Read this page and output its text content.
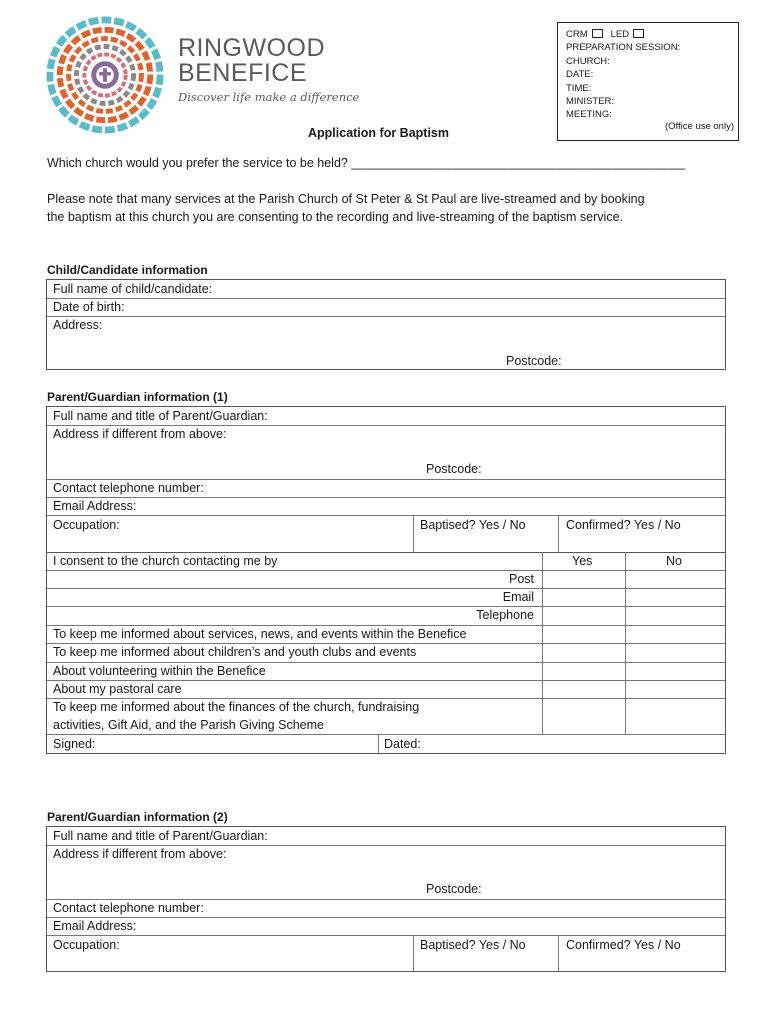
RINGWOOD
BENEFICE
Discover life make a difference
CRM LED
PREPARATION SESSION:
CHURCH:
DATE:
TIME:
MINISTER:
MEETING:
(Office use only)
Application for Baptism
Which church would you prefer the service to be held? ________________________________________________
Please note that many services at the Parish Church of St Peter & St Paul are live-streamed and by booking
the baptism at this church you are consenting to the recording and live-streaming of the baptism service.
Child/Candidate information
Full name of child/candidate:
Date of birth:
Address:
Postcode:
Parent/Guardian information (1)
Full name and title of Parent/Guardian:
Address if different from above:
Postcode:
Contact telephone number:
Email Address:
Occupation:	Baptised? Yes / No	Confirmed? Yes / No
I consent to the church contacting me by	Yes	No
Post
Email
Telephone
To keep me informed about services, news, and events within the Benefice
To keep me informed about children’s and youth clubs and events
About volunteering within the Benefice
About my pastoral care
To keep me informed about the finances of the church, fundraising
activities, Gift Aid, and the Parish Giving Scheme
Signed:	Dated:
Parent/Guardian information (2)
Full name and title of Parent/Guardian:
Address if different from above:
Postcode:
Contact telephone number:
Email Address:
Occupation:	Baptised? Yes / No	Confirmed? Yes / No
